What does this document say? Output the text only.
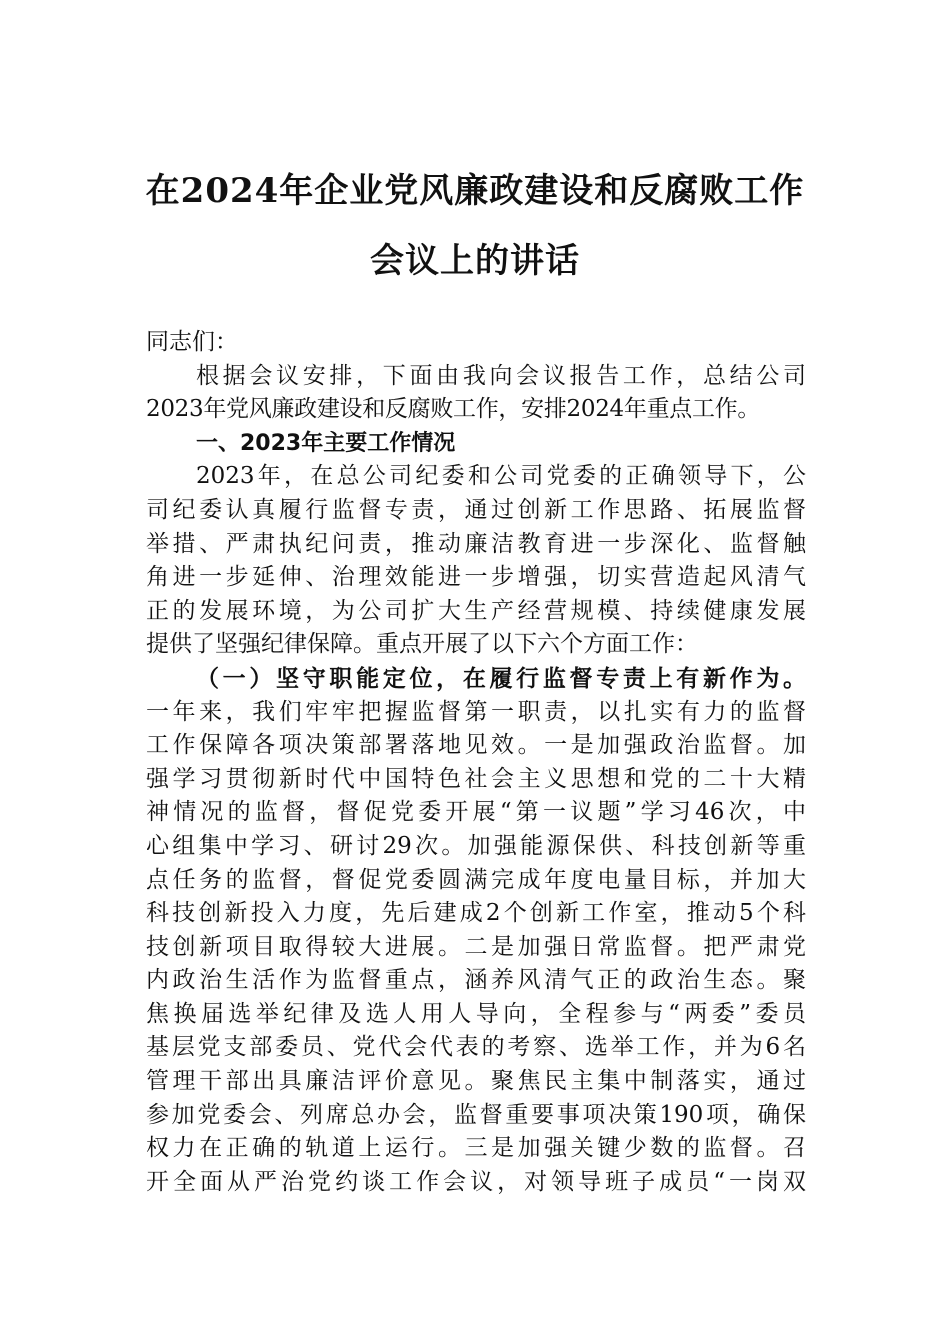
在2024年企业党风廉政建设和反腐败工作
会议上的讲话
同志们：
根据会议安排，下面由我向会议报告工作，总结公司
2023年党风廉政建设和反腐败工作，安排2024年重点工作。
一、2023年主要工作情况
2023年，在总公司纪委和公司党委的正确领导下，公
司纪委认真履行监督专责，通过创新工作思路、拓展监督
举措、严肃执纪问责，推动廉洁教育进一步深化、监督触
角进一步延伸、治理效能进一步增强，切实营造起风清气
正的发展环境，为公司扩大生产经营规模、持续健康发展
提供了坚强纪律保障。重点开展了以下六个方面工作：
（一）坚守职能定位，在履行监督专责上有新作为。
一年来，我们牢牢把握监督第一职责，以扎实有力的监督
工作保障各项决策部署落地见效。一是加强政治监督。加
强学习贯彻新时代中国特色社会主义思想和党的二十大精
神情况的监督，督促党委开展“第一议题”学习46次，中
心组集中学习、研讨29次。加强能源保供、科技创新等重
点任务的监督，督促党委圆满完成年度电量目标，并加大
科技创新投入力度，先后建成2个创新工作室，推动5个科
技创新项目取得较大进展。二是加强日常监督。把严肃党
内政治生活作为监督重点，涵养风清气正的政治生态。聚
焦换届选举纪律及选人用人导向，全程参与“两委”委员
基层党支部委员、党代会代表的考察、选举工作，并为6名
管理干部出具廉洁评价意见。聚焦民主集中制落实，通过
参加党委会、列席总办会，监督重要事项决策190项，确保
权力在正确的轨道上运行。三是加强关键少数的监督。召
开全面从严治党约谈工作会议，对领导班子成员“一岗双
